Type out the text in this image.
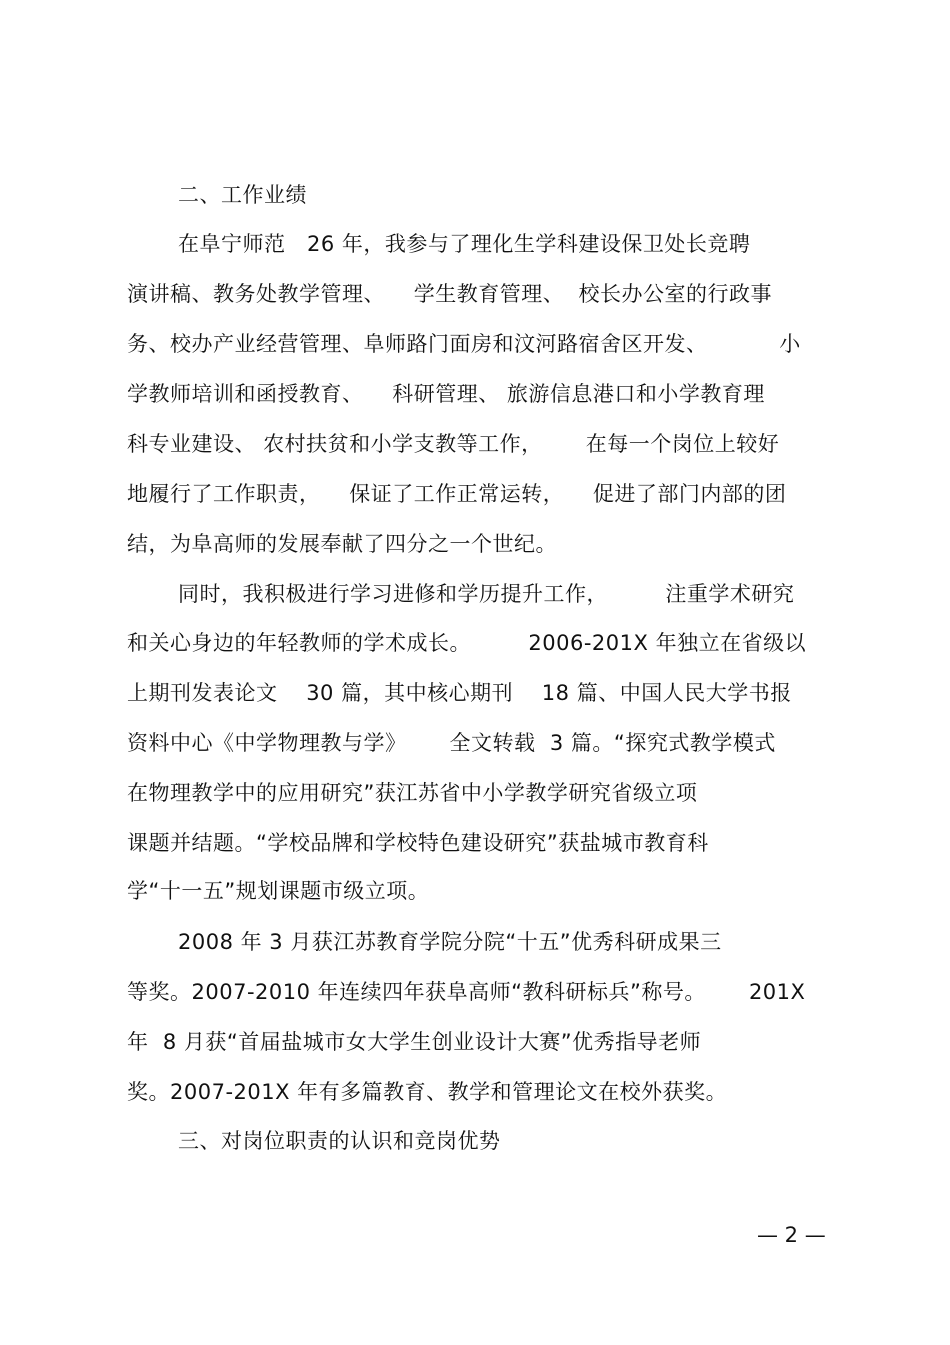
二、工作业绩
在阜宁师范   26 年，我参与了理化生学科建设保卫处长竞聘
演讲稿、教务处教学管理、    学生教育管理、  校长办公室的行政事
务、校办产业经营管理、阜师路门面房和汶河路宿舍区开发、          小
学教师培训和函授教育、    科研管理、 旅游信息港口和小学教育理
科专业建设、 农村扶贫和小学支教等工作，      在每一个岗位上较好
地履行了工作职责，    保证了工作正常运转，    促进了部门内部的团
结，为阜高师的发展奉献了四分之一个世纪。
同时，我积极进行学习进修和学历提升工作，        注重学术研究
和关心身边的年轻教师的学术成长。        2006-201X 年独立在省级以
上期刊发表论文    30 篇，其中核心期刊    18 篇、中国人民大学书报
资料中心《中学物理教与学》      全文转载  3 篇。“探究式教学模式
在物理教学中的应用研究”获江苏省中小学教学研究省级立项
课题并结题。“学校品牌和学校特色建设研究”获盐城市教育科
学“十一五”规划课题市级立项。
2008 年 3 月获江苏教育学院分院“十五”优秀科研成果三
等奖。2007-2010 年连续四年获阜高师“教科研标兵”称号。      201X
年  8 月获“首届盐城市女大学生创业设计大赛”优秀指导老师
奖。2007-201X 年有多篇教育、教学和管理论文在校外获奖。
三、对岗位职责的认识和竞岗优势
— 2 —
